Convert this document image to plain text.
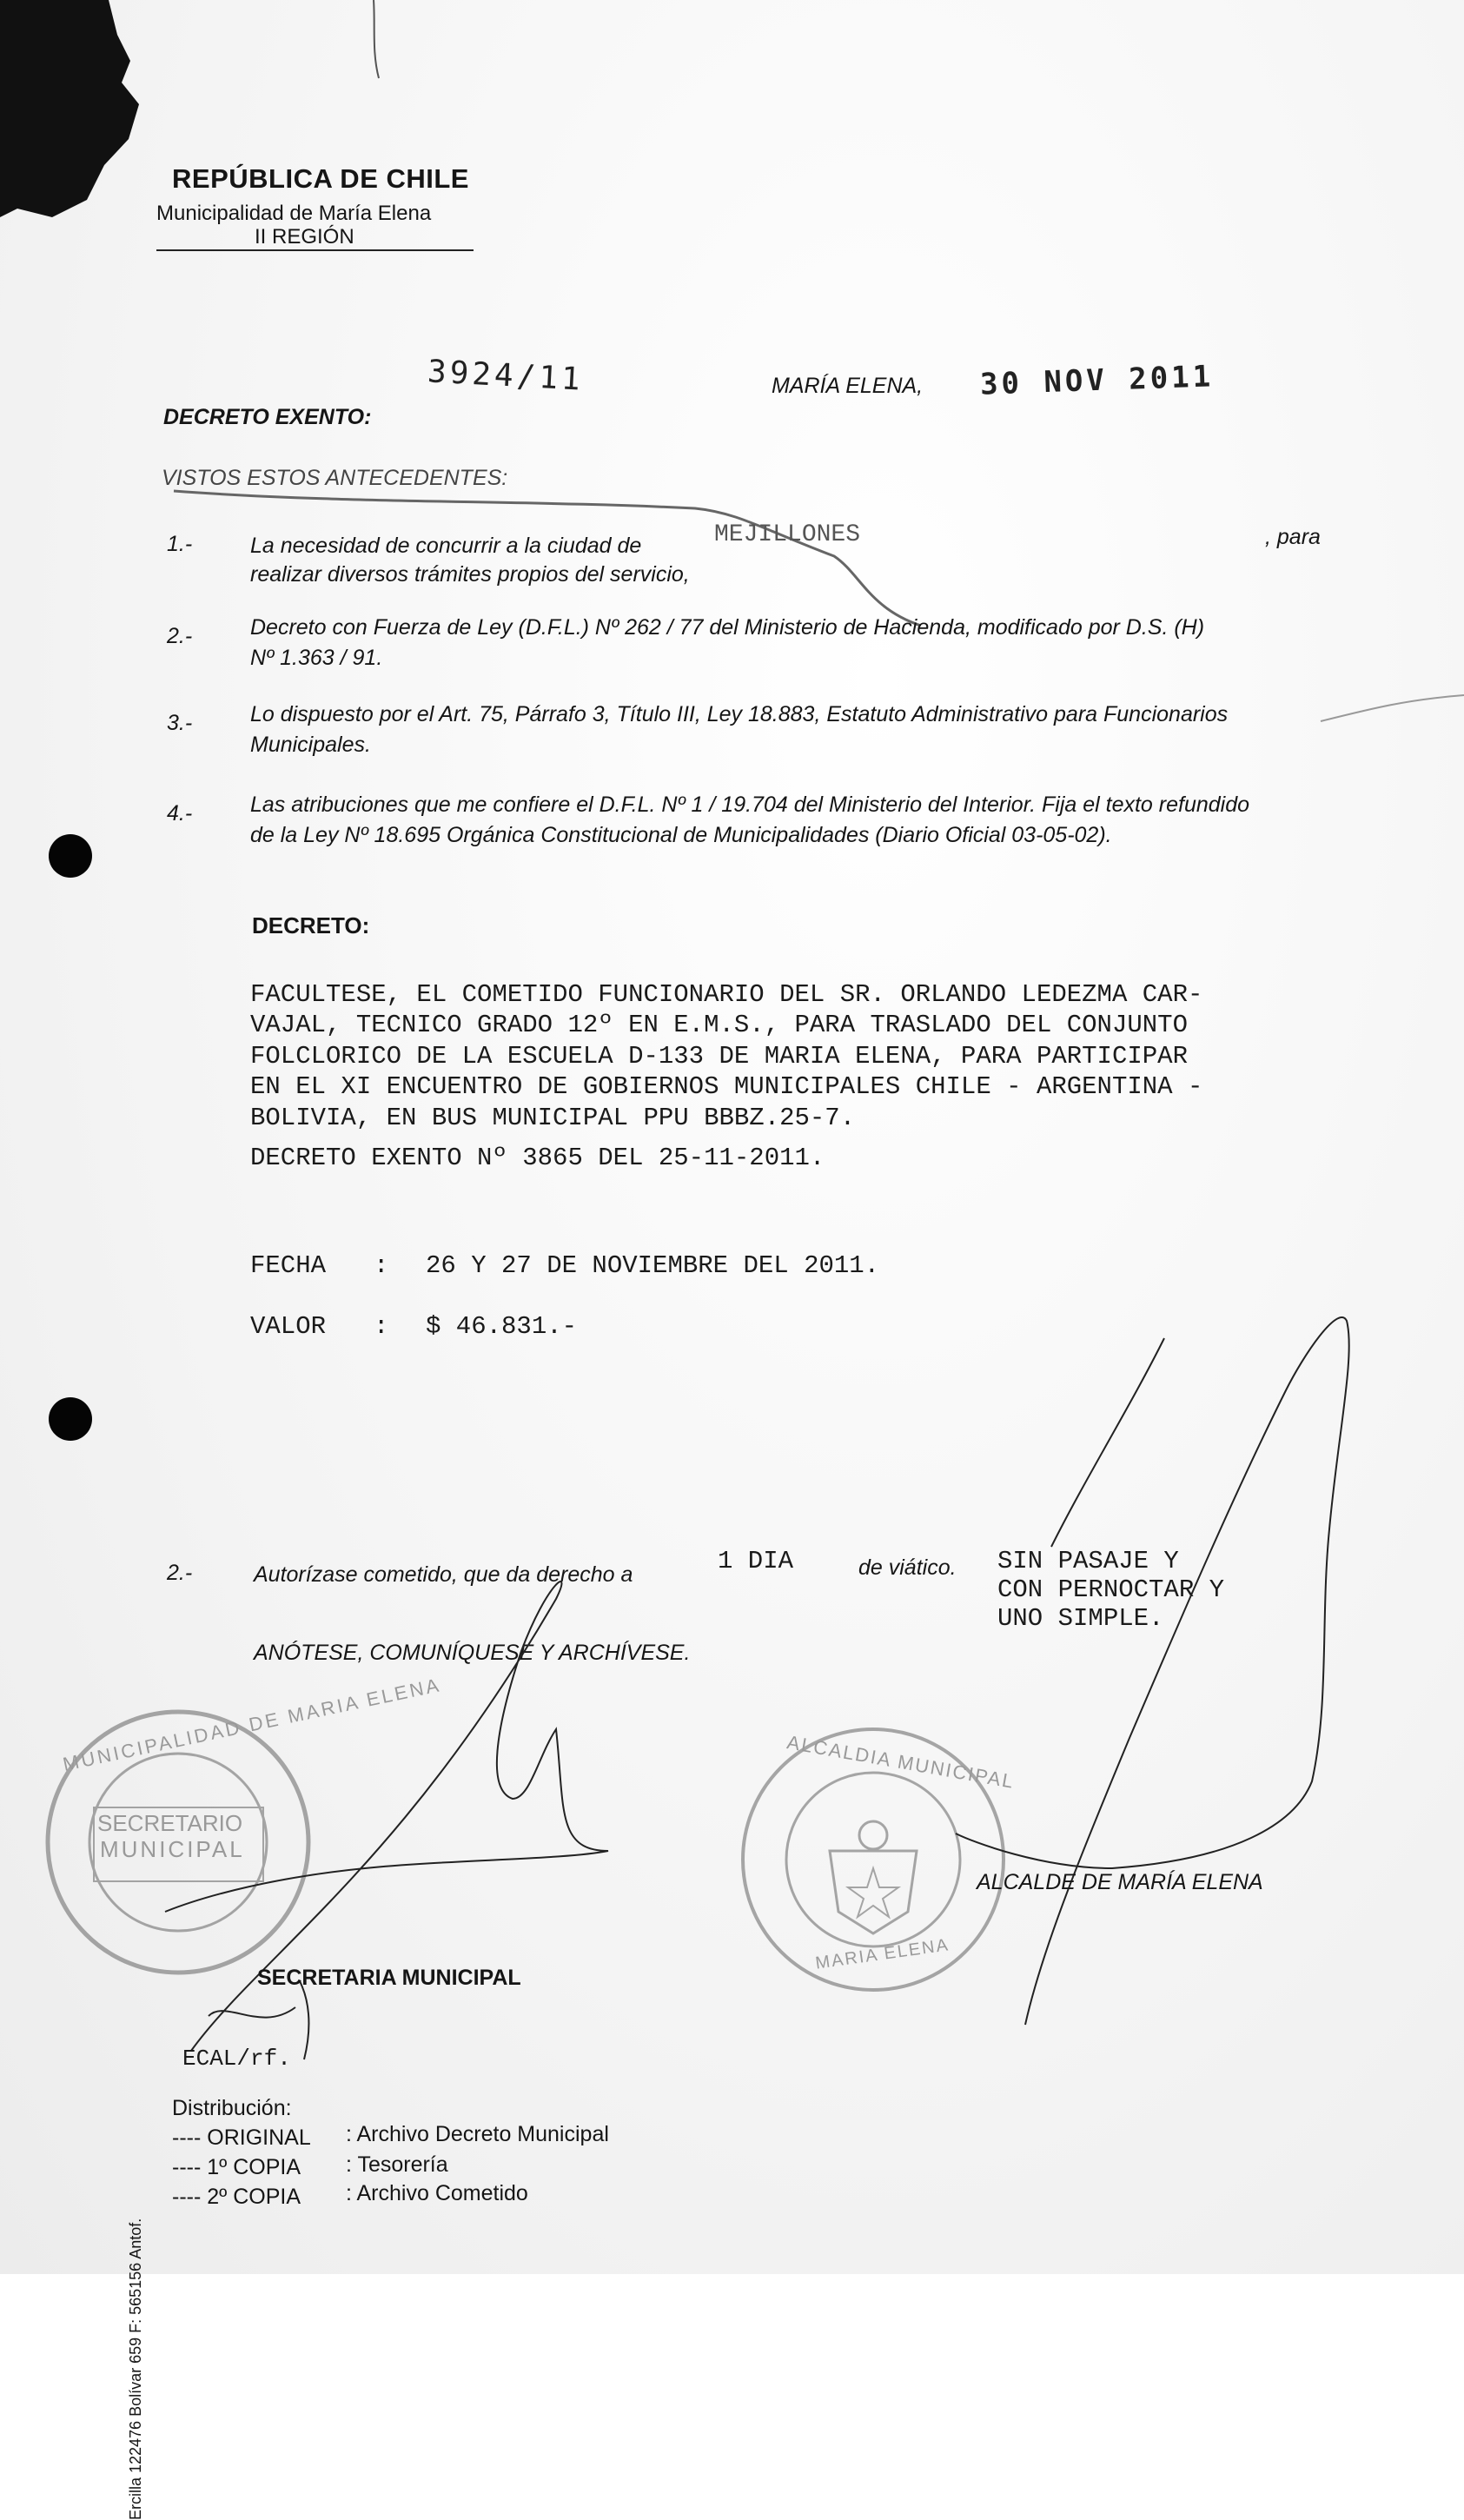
REPÚBLICA DE CHILE
Municipalidad de María Elena
II REGIÓN
DECRETO EXENTO:
3924/11	MARÍA ELENA, 30 NOV 2011
VISTOS ESTOS ANTECEDENTES:
1.-	La necesidad de concurrir a la ciudad de	MEJILLONES	, para
realizar diversos trámites propios del servicio,
2.-	Decreto con Fuerza de Ley (D.F.L.) Nº 262 / 77 del Ministerio de Hacienda, modificado por D.S. (H)
Nº 1.363 / 91.
3.-	Lo dispuesto por el Art. 75, Párrafo 3, Título III, Ley 18.883, Estatuto Administrativo para Funcionarios
Municipales.
4.-	Las atribuciones que me confiere el D.F.L. Nº 1 / 19.704 del Ministerio del Interior. Fija el texto refundido
de la Ley Nº 18.695 Orgánica Constitucional de Municipalidades (Diario Oficial 03-05-02).
DECRETO:
FACULTESE, EL COMETIDO FUNCIONARIO DEL SR. ORLANDO LEDEZMA CAR-
VAJAL, TECNICO GRADO 12º EN E.M.S., PARA TRASLADO DEL CONJUNTO
FOLCLORICO DE LA ESCUELA D-133 DE MARIA ELENA, PARA PARTICIPAR
EN EL XI ENCUENTRO DE GOBIERNOS MUNICIPALES CHILE - ARGENTINA -
BOLIVIA, EN BUS MUNICIPAL PPU BBBZ.25-7.
DECRETO EXENTO Nº 3865 DEL 25-11-2011.
FECHA : 26 Y 27 DE NOVIEMBRE DEL 2011.
VALOR : $ 46.831.-
2.-	Autorízase cometido, que da derecho a	1 DIA	de viático. SIN PASAJE Y
CON PERNOCTAR Y
UNO SIMPLE.
ANÓTESE, COMUNÍQUESE Y ARCHÍVESE.
SECRETARIO
MUNICIPAL
MUNICIPALIDAD DE MARIA ELENA	ALCALDIA MUNICIPAL
MARIA ELENA
ALCALDE DE MARÍA ELENA
SECRETARIA MUNICIPAL
ECAL/rf.
Distribución:
---- ORIGINAL : Archivo Decreto Municipal
---- 1º COPIA : Tesorería
---- 2º COPIA : Archivo Cometido
Ercilla 122476 Bolívar 659 F: 565156 Antof.
